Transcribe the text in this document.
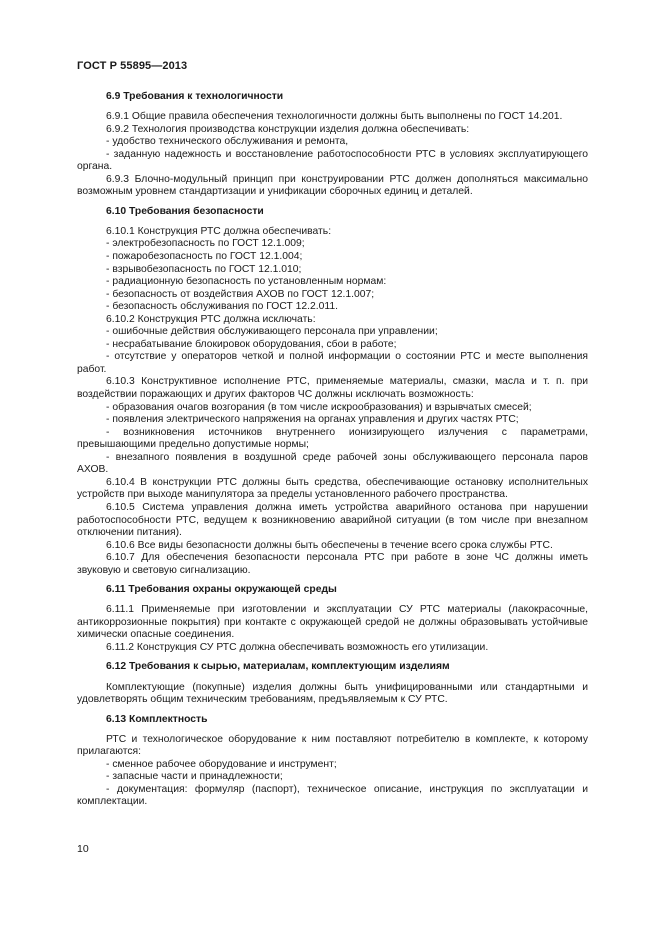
ГОСТ Р 55895—2013

6.9 Требования к технологичности

6.9.1 Общие правила обеспечения технологичности должны быть выполнены по ГОСТ 14.201.

6.9.2 Технология производства конструкции изделия должна обеспечивать:

- удобство технического обслуживания и ремонта,

- заданную надежность и восстановление работоспособности РТС в условиях эксплуатирующего органа.

6.9.3 Блочно-модульный принцип при конструировании РТС должен дополняться максимально возможным уровнем стандартизации и унификации сборочных единиц и деталей.

6.10 Требования безопасности

6.10.1 Конструкция РТС должна обеспечивать:

- электробезопасность по ГОСТ 12.1.009;

- пожаробезопасность по ГОСТ 12.1.004;

- взрывобезопасность по ГОСТ 12.1.010;

- радиационную безопасность по установленным нормам:

- безопасность от воздействия АХОВ по ГОСТ 12.1.007;

- безопасность обслуживания по ГОСТ 12.2.011.

6.10.2 Конструкция РТС должна исключать:

- ошибочные действия обслуживающего персонала при управлении;

- несрабатывание блокировок оборудования, сбои в работе;

- отсутствие у операторов четкой и полной информации о состоянии РТС и месте выполнения работ.

6.10.3 Конструктивное исполнение РТС, применяемые материалы, смазки, масла и т. п. при воздействии поражающих и других факторов ЧС должны исключать возможность:

- образования очагов возгорания (в том числе искрообразования) и взрывчатых смесей;

- появления электрического напряжения на органах управления и других частях РТС;

- возникновения источников внутреннего ионизирующего излучения с параметрами, превышающими предельно допустимые нормы;

- внезапного появления в воздушной среде рабочей зоны обслуживающего персонала паров АХОВ.

6.10.4 В конструкции РТС должны быть средства, обеспечивающие остановку исполнительных устройств при выходе манипулятора за пределы установленного рабочего пространства.

6.10.5 Система управления должна иметь устройства аварийного останова при нарушении работоспособности РТС, ведущем к возникновению аварийной ситуации (в том числе при внезапном отключении питания).

6.10.6 Все виды безопасности должны быть обеспечены в течение всего срока службы РТС.

6.10.7 Для обеспечения безопасности персонала РТС при работе в зоне ЧС должны иметь звуковую и световую сигнализацию.

6.11 Требования охраны окружающей среды

6.11.1 Применяемые при изготовлении и эксплуатации СУ РТС материалы (лакокрасочные, антикоррозионные покрытия) при контакте с окружающей средой не должны образовывать устойчивые химически опасные соединения.

6.11.2 Конструкция СУ РТС должна обеспечивать возможность его утилизации.

6.12 Требования к сырью, материалам, комплектующим изделиям

Комплектующие (покупные) изделия должны быть унифицированными или стандартными и удовлетворять общим техническим требованиям, предъявляемым к СУ РТС.

6.13 Комплектность

РТС и технологическое оборудование к ним поставляют потребителю в комплекте, к которому прилагаются:

- сменное рабочее оборудование и инструмент;

- запасные части и принадлежности;

- документация: формуляр (паспорт), техническое описание, инструкция по эксплуатации и комплектации.

10
